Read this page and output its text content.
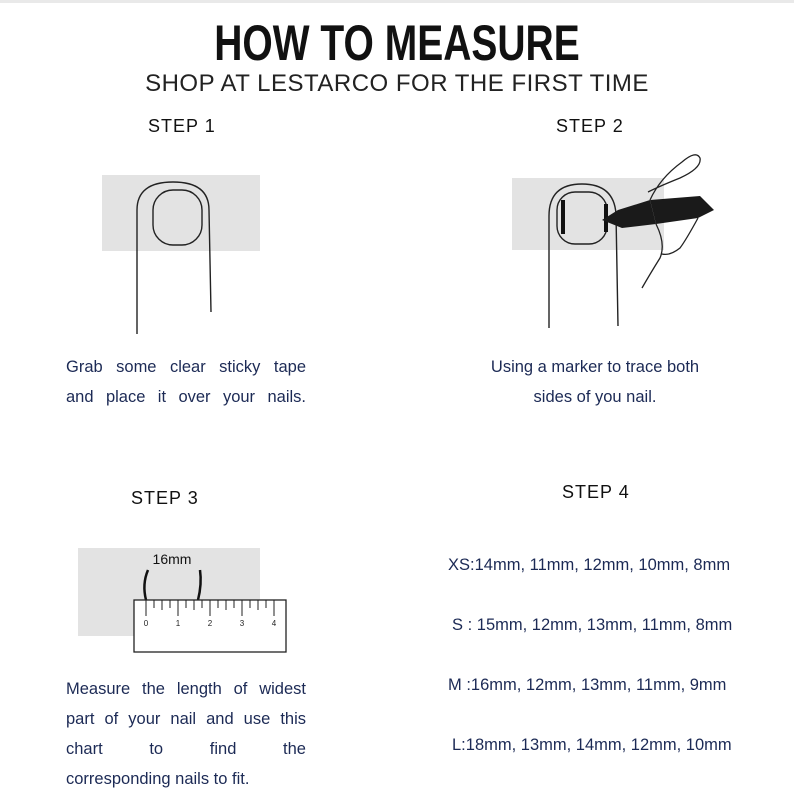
HOW TO MEASURE
SHOP AT LESTARCO FOR THE FIRST TIME
STEP 1
Grab some clear sticky tape
and place it over your nails.
STEP 2
Using a marker to trace both
sides of you nail.
STEP 3
0	1	2	3	4
16mm
Measure the length of widest
part of your nail and use this
chart to find the
corresponding nails to fit.
STEP 4
XS:14mm, 11mm, 12mm, 10mm, 8mm
S : 15mm, 12mm, 13mm, 11mm, 8mm
M :16mm, 12mm, 13mm, 11mm, 9mm
L:18mm, 13mm, 14mm, 12mm, 10mm
